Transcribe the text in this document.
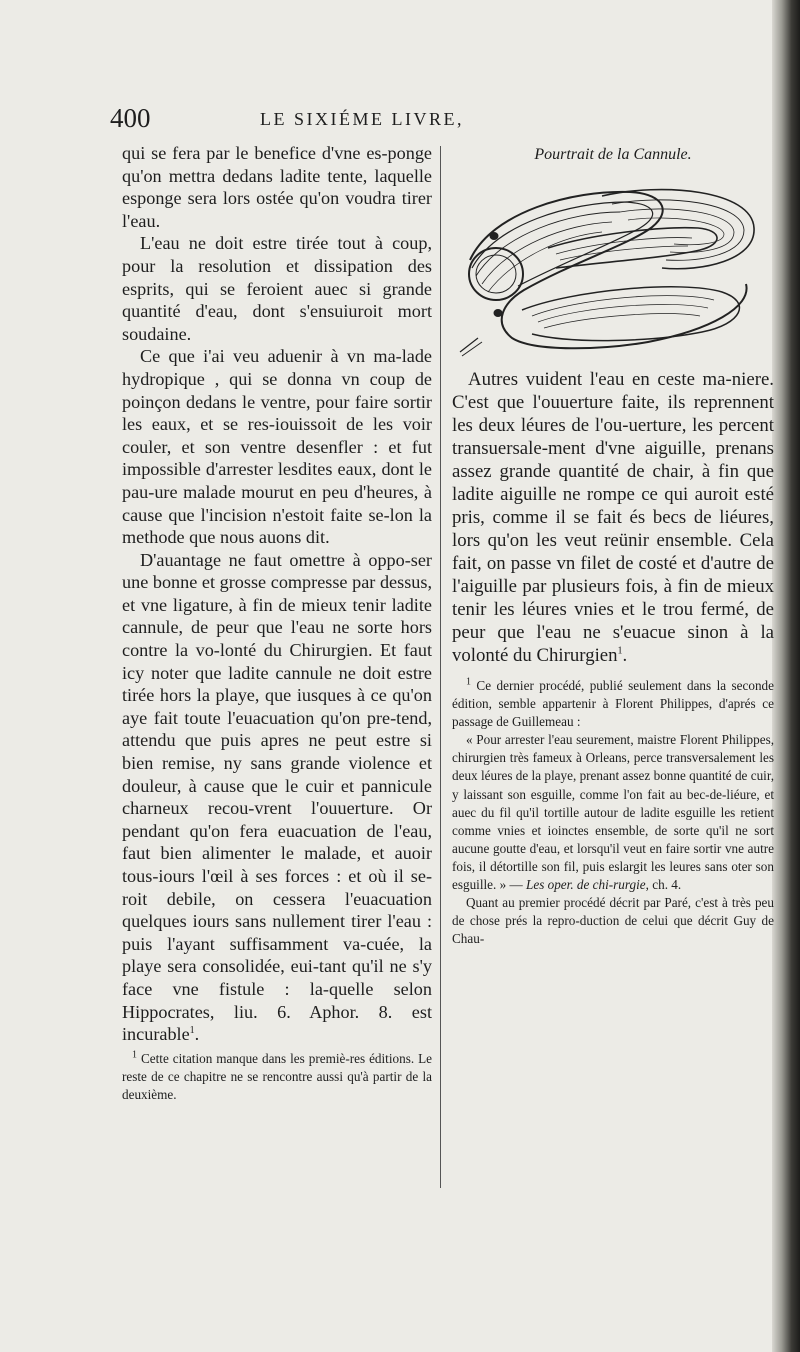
400	LE SIXIÉME LIVRE,

qui se fera par le benefice d'vne es-ponge qu'on mettra dedans ladite tente, laquelle esponge sera lors ostée qu'on voudra tirer l'eau.

L'eau ne doit estre tirée tout à coup, pour la resolution et dissipation des esprits, qui se feroient auec si grande quantité d'eau, dont s'ensuiuroit mort soudaine.

Ce que i'ai veu aduenir à vn ma-lade hydropique , qui se donna vn coup de poinçon dedans le ventre, pour faire sortir les eaux, et se res-iouissoit de les voir couler, et son ventre desenfler : et fut impossible d'arrester lesdites eaux, dont le pau-ure malade mourut en peu d'heures, à cause que l'incision n'estoit faite se-lon la methode que nous auons dit.

D'auantage ne faut omettre à oppo-ser une bonne et grosse compresse par dessus, et vne ligature, à fin de mieux tenir ladite cannule, de peur que l'eau ne sorte hors contre la vo-lonté du Chirurgien. Et faut icy noter que ladite cannule ne doit estre tirée hors la playe, que iusques à ce qu'on aye fait toute l'euacuation qu'on pre-tend, attendu que puis apres ne peut estre si bien remise, ny sans grande violence et douleur, à cause que le cuir et pannicule charneux recou-vrent l'ouuerture. Or pendant qu'on fera euacuation de l'eau, faut bien alimenter le malade, et auoir tous-iours l'œil à ses forces : et où il se-roit debile, on cessera l'euacuation quelques iours sans nullement tirer l'eau : puis l'ayant suffisamment va-cuée, la playe sera consolidée, eui-tant qu'il ne s'y face vne fistule : la-quelle selon Hippocrates, liu. 6. Aphor. 8. est incurable$^1$.

$^1$ Cette citation manque dans les premiè-res éditions. Le reste de ce chapitre ne se rencontre aussi qu'à partir de la deuxième.

Pourtrait de la Cannule.

Autres vuident l'eau en ceste ma-niere. C'est que l'ouuerture faite, ils reprennent les deux léures de l'ou-uerture, les percent transuersale-ment d'vne aiguille, prenans assez grande quantité de chair, à fin que ladite aiguille ne rompe ce qui auroit esté pris, comme il se fait és becs de liéures, lors qu'on les veut reünir ensemble. Cela fait, on passe vn filet de costé et d'autre de l'aiguille par plusieurs fois, à fin de mieux tenir les léures vnies et le trou fermé, de peur que l'eau ne s'euacue sinon à la volonté du Chirurgien$^1$.

$^1$ Ce dernier procédé, publié seulement dans la seconde édition, semble appartenir à Florent Philippes, d'aprés ce passage de Guillemeau :

« Pour arrester l'eau seurement, maistre Florent Philippes, chirurgien très fameux à Orleans, perce transversalement les deux léures de la playe, prenant assez bonne quantité de cuir, y laissant son esguille, comme l'on fait au bec-de-liéure, et auec du fil qu'il tortille autour de ladite esguille les retient comme vnies et ioinctes ensemble, de sorte qu'il ne sort aucune goutte d'eau, et lorsqu'il veut en faire sortir vne autre fois, il détortille son fil, puis eslargit les leures sans oter son esguille. » — Les oper. de chi-rurgie, ch. 4.

Quant au premier procédé décrit par Paré, c'est à très peu de chose prés la repro-duction de celui que décrit Guy de Chau-
